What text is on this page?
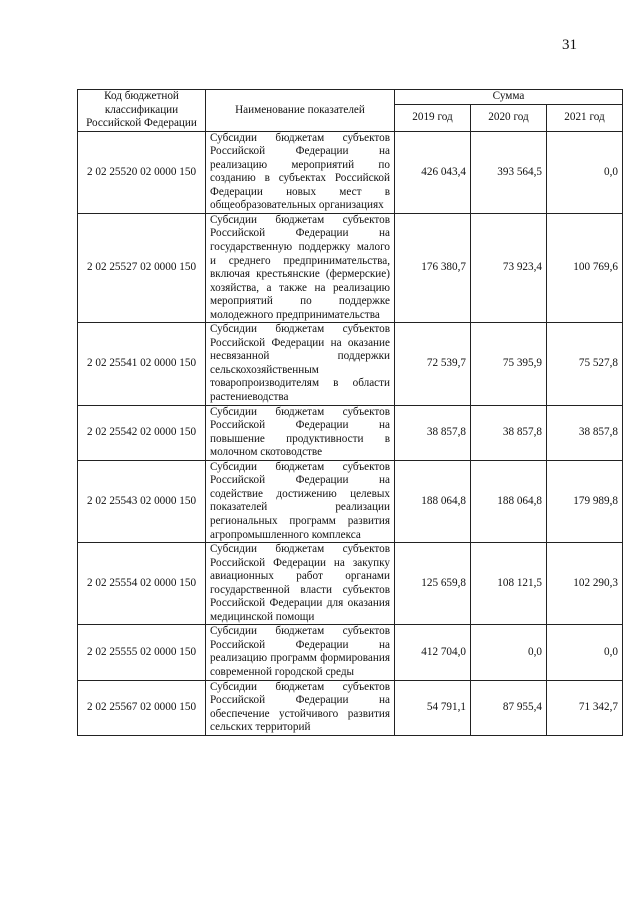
31
Код бюджетной классификации Российской Федерации	Наименование показателей	Сумма		
		2019 год	2020 год	2021 год
2 02 25520 02 0000 150	Субсидии бюджетам субъектов Российской Федерации на реализацию мероприятий по созданию в субъектах Российской Федерации новых мест в общеобразовательных организациях	426 043,4	393 564,5	0,0
2 02 25527 02 0000 150	Субсидии бюджетам субъектов Российской Федерации на государственную поддержку малого и среднего предпринимательства, включая крестьянские (фермерские) хозяйства, а также на реализацию мероприятий по поддержке молодежного предпринимательства	176 380,7	73 923,4	100 769,6
2 02 25541 02 0000 150	Субсидии бюджетам субъектов Российской Федерации на оказание несвязанной поддержки сельскохозяйственным товаропроизводителям в области растениеводства	72 539,7	75 395,9	75 527,8
2 02 25542 02 0000 150	Субсидии бюджетам субъектов Российской Федерации на повышение продуктивности в молочном скотоводстве	38 857,8	38 857,8	38 857,8
2 02 25543 02 0000 150	Субсидии бюджетам субъектов Российской Федерации на содействие достижению целевых показателей реализации региональных программ развития агропромышленного комплекса	188 064,8	188 064,8	179 989,8
2 02 25554 02 0000 150	Субсидии бюджетам субъектов Российской Федерации на закупку авиационных работ органами государственной власти субъектов Российской Федерации для оказания медицинской помощи	125 659,8	108 121,5	102 290,3
2 02 25555 02 0000 150	Субсидии бюджетам субъектов Российской Федерации на реализацию программ формирования современной городской среды	412 704,0	0,0	0,0
2 02 25567 02 0000 150	Субсидии бюджетам субъектов Российской Федерации на обеспечение устойчивого развития сельских территорий	54 791,1	87 955,4	71 342,7
